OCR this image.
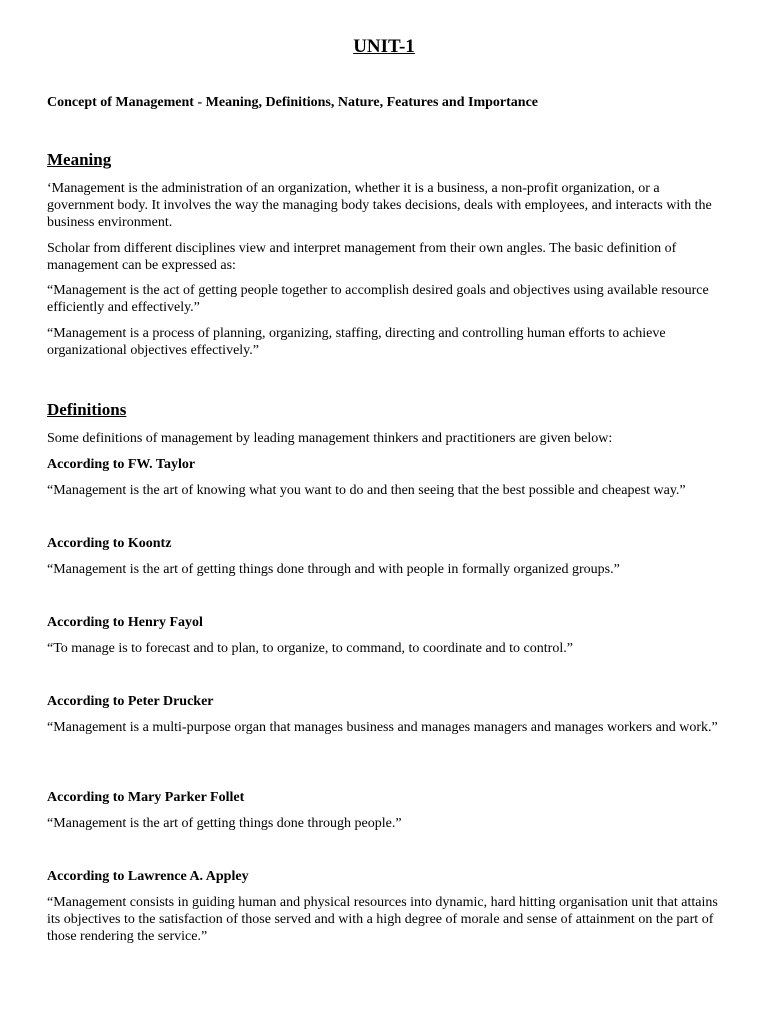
UNIT-1

Concept of Management - Meaning, Definitions, Nature, Features and Importance

Meaning

‘Management is the administration of an organization, whether it is a business, a non-profit organization, or a government body. It involves the way the managing body takes decisions, deals with employees, and interacts with the business environment.

Scholar from different disciplines view and interpret management from their own angles. The basic definition of management can be expressed as:

“Management is the act of getting people together to accomplish desired goals and objectives using available resource efficiently and effectively.”

“Management is a process of planning, organizing, staffing, directing and controlling human efforts to achieve organizational objectives effectively.”

Definitions

Some definitions of management by leading management thinkers and practitioners are given below:

According to FW. Taylor

“Management is the art of knowing what you want to do and then seeing that the best possible and cheapest way.”

According to Koontz

“Management is the art of getting things done through and with people in formally organized groups.”

According to Henry Fayol

“To manage is to forecast and to plan, to organize, to command, to coordinate and to control.”

According to Peter Drucker

“Management is a multi-purpose organ that manages business and manages managers and manages workers and work.”

According to Mary Parker Follet

“Management is the art of getting things done through people.”

According to Lawrence A. Appley

“Management consists in guiding human and physical resources into dynamic, hard hitting organisation unit that attains its objectives to the satisfaction of those served and with a high degree of morale and sense of attainment on the part of those rendering the service.”
